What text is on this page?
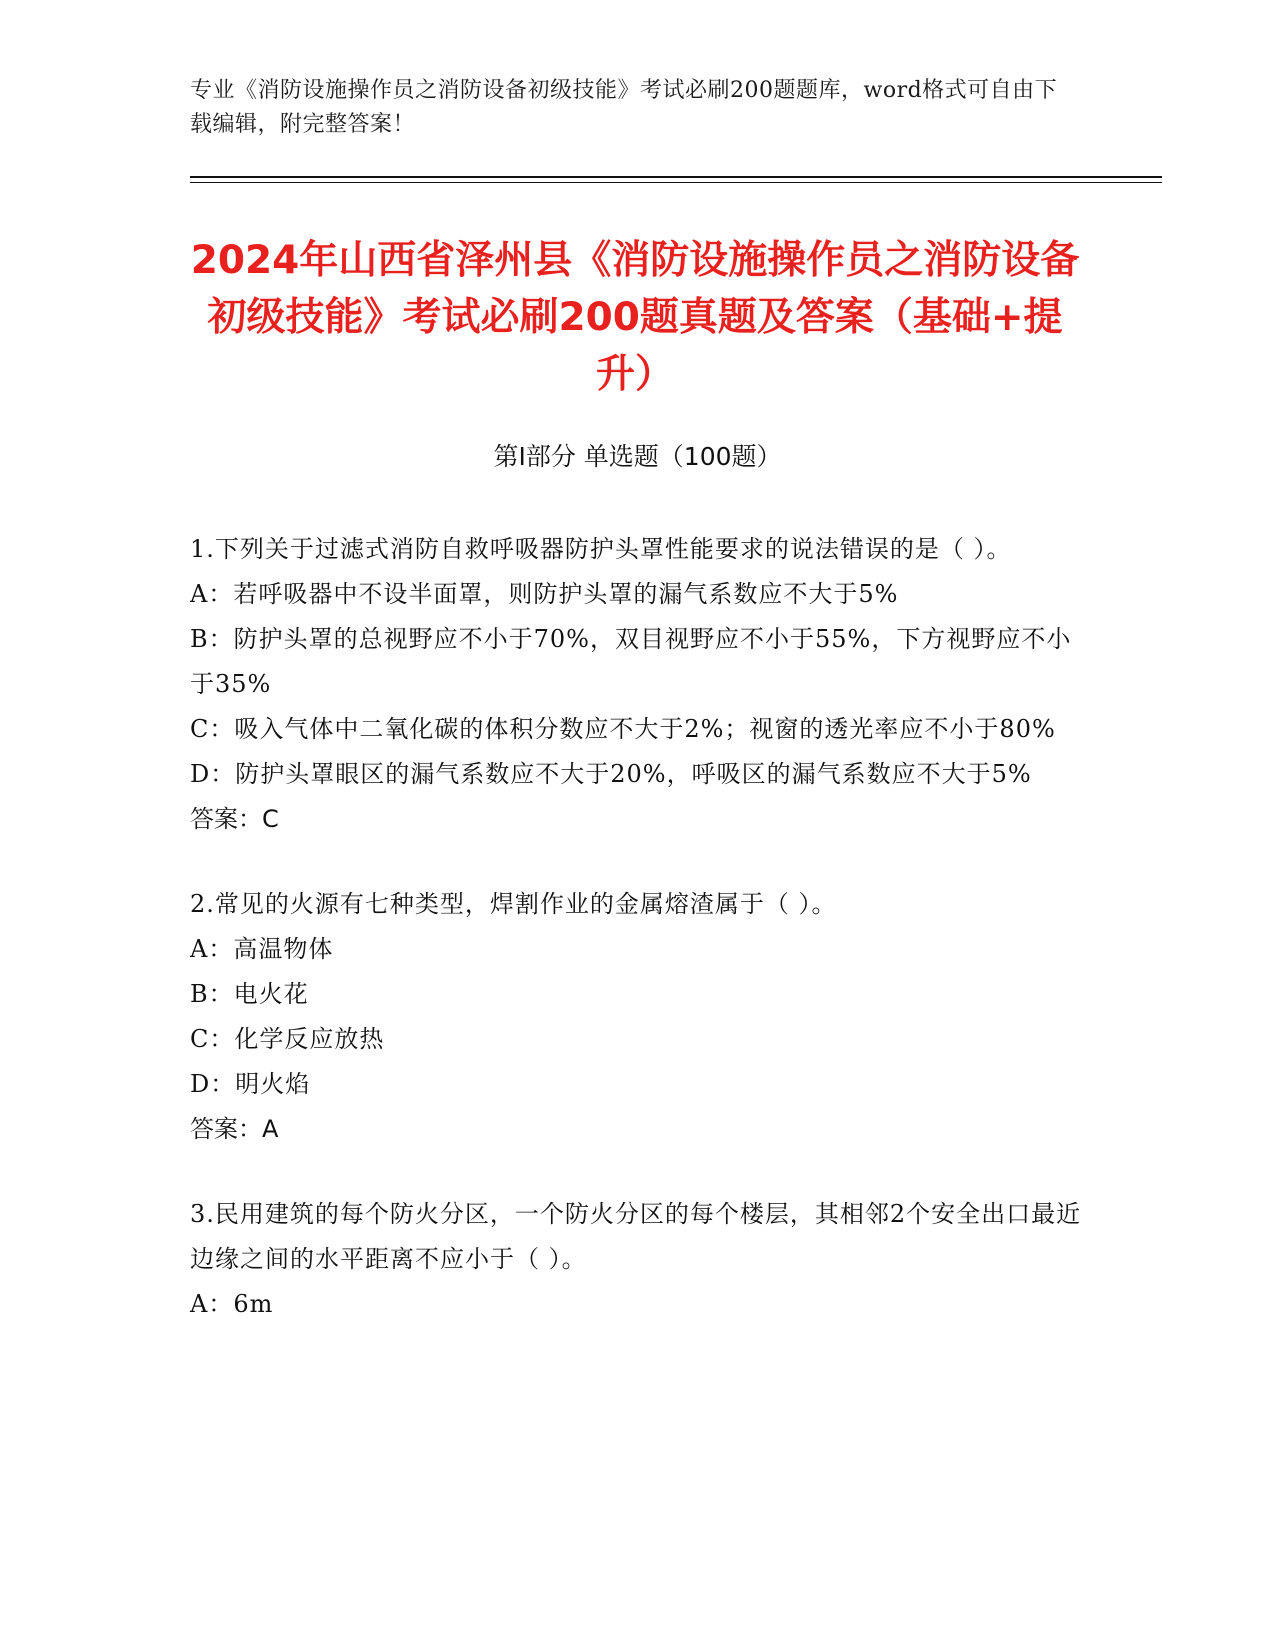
专业《消防设施操作员之消防设备初级技能》考试必刷200题题库，word格式可自由下载编辑，附完整答案！
2024年山西省泽州县《消防设施操作员之消防设备初级技能》考试必刷200题真题及答案（基础+提升）
第Ⅰ部分 单选题（100题）
1.下列关于过滤式消防自救呼吸器防护头罩性能要求的说法错误的是（ ）。
A：若呼吸器中不设半面罩，则防护头罩的漏气系数应不大于5%
B：防护头罩的总视野应不小于70%，双目视野应不小于55%，下方视野应不小于35%
C：吸入气体中二氧化碳的体积分数应不大于2%；视窗的透光率应不小于80%
D：防护头罩眼区的漏气系数应不大于20%，呼吸区的漏气系数应不大于5%
答案：C
2.常见的火源有七种类型，焊割作业的金属熔渣属于（ ）。
A：高温物体
B：电火花
C：化学反应放热
D：明火焰
答案：A
3.民用建筑的每个防火分区，一个防火分区的每个楼层，其相邻2个安全出口最近边缘之间的水平距离不应小于（ ）。
A：6m
